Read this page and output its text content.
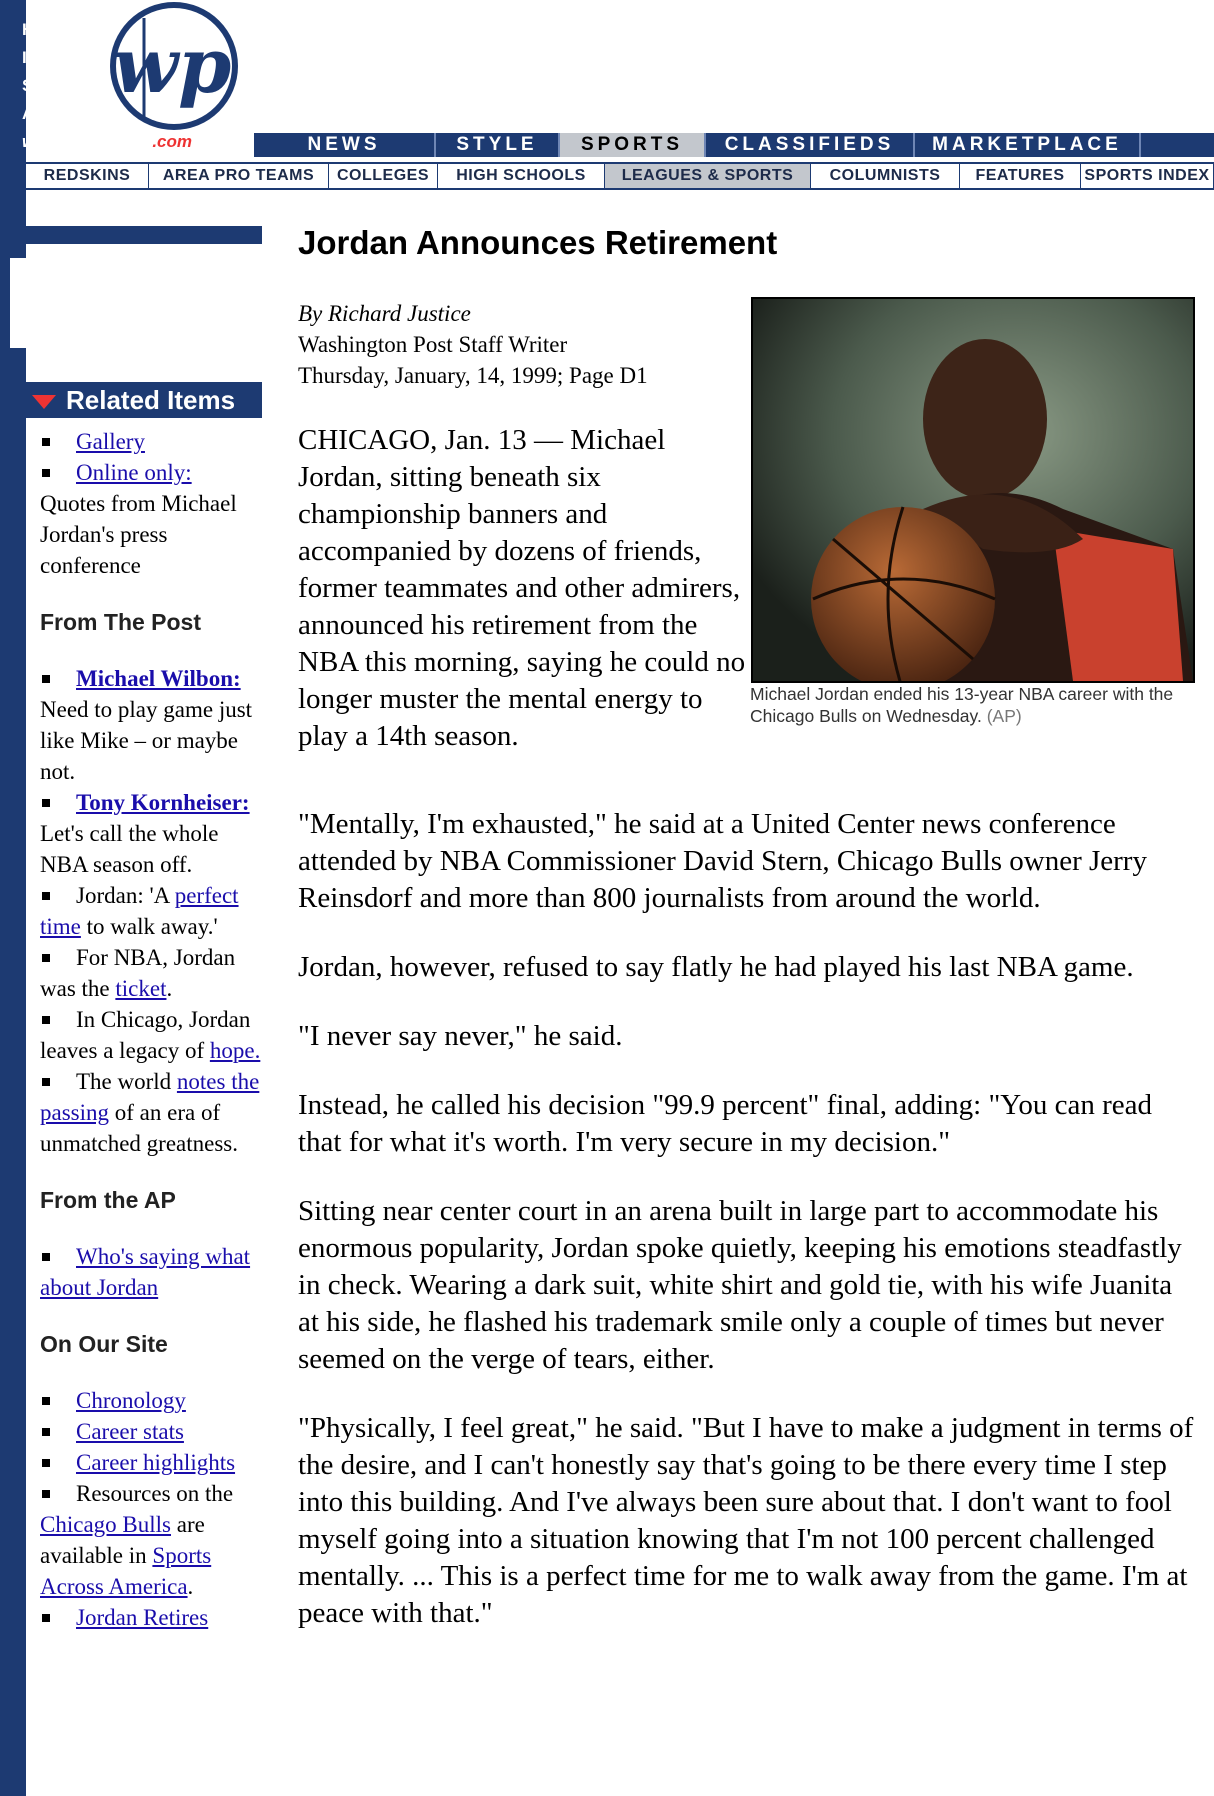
HOME
INDEX
SEARCH
ARCHIVES
wp
washingtonpost.com	NEWS	STYLE	SPORTS	CLASSIFIEDS	MARKETPLACE
REDSKINS	AREA PRO TEAMS	COLLEGES	HIGH SCHOOLS	LEAGUES & SPORTS	COLUMNISTS	FEATURES	SPORTS INDEX
Related Items
Gallery
Online only:
Quotes from Michael Jordan's press conference
From The Post
Michael Wilbon: Need to play game just like Mike – or maybe not.
Tony Kornheiser: Let's call the whole NBA season off.
Jordan: 'A perfect time to walk away.'
For NBA, Jordan was the ticket.
In Chicago, Jordan leaves a legacy of hope.
The world notes the passing of an era of unmatched greatness.
From the AP
Who's saying what about Jordan
On Our Site
Chronology
Career stats
Career highlights
Resources on the Chicago Bulls are available in Sports Across America.
Jordan Retires
Jordan Announces Retirement
By Richard Justice
Washington Post Staff Writer
Thursday, January, 14, 1999; Page D1
Michael Jordan ended his 13-year NBA career with the Chicago Bulls on Wednesday. (AP)

CHICAGO, Jan. 13 — Michael Jordan, sitting beneath six championship banners and accompanied by dozens of friends, former teammates and other admirers, announced his retirement from the NBA this morning, saying he could no longer muster the mental energy to play a 14th season.

"Mentally, I'm exhausted," he said at a United Center news conference attended by NBA Commissioner David Stern, Chicago Bulls owner Jerry Reinsdorf and more than 800 journalists from around the world.

Jordan, however, refused to say flatly he had played his last NBA game.

"I never say never," he said.

Instead, he called his decision "99.9 percent" final, adding: "You can read that for what it's worth. I'm very secure in my decision."

Sitting near center court in an arena built in large part to accommodate his enormous popularity, Jordan spoke quietly, keeping his emotions steadfastly in check. Wearing a dark suit, white shirt and gold tie, with his wife Juanita at his side, he flashed his trademark smile only a couple of times but never seemed on the verge of tears, either.

"Physically, I feel great," he said. "But I have to make a judgment in terms of the desire, and I can't honestly say that's going to be there every time I step into this building. And I've always been sure about that. I don't want to fool myself going into a situation knowing that I'm not 100 percent challenged mentally. ... This is a perfect time for me to walk away from the game. I'm at peace with that."
